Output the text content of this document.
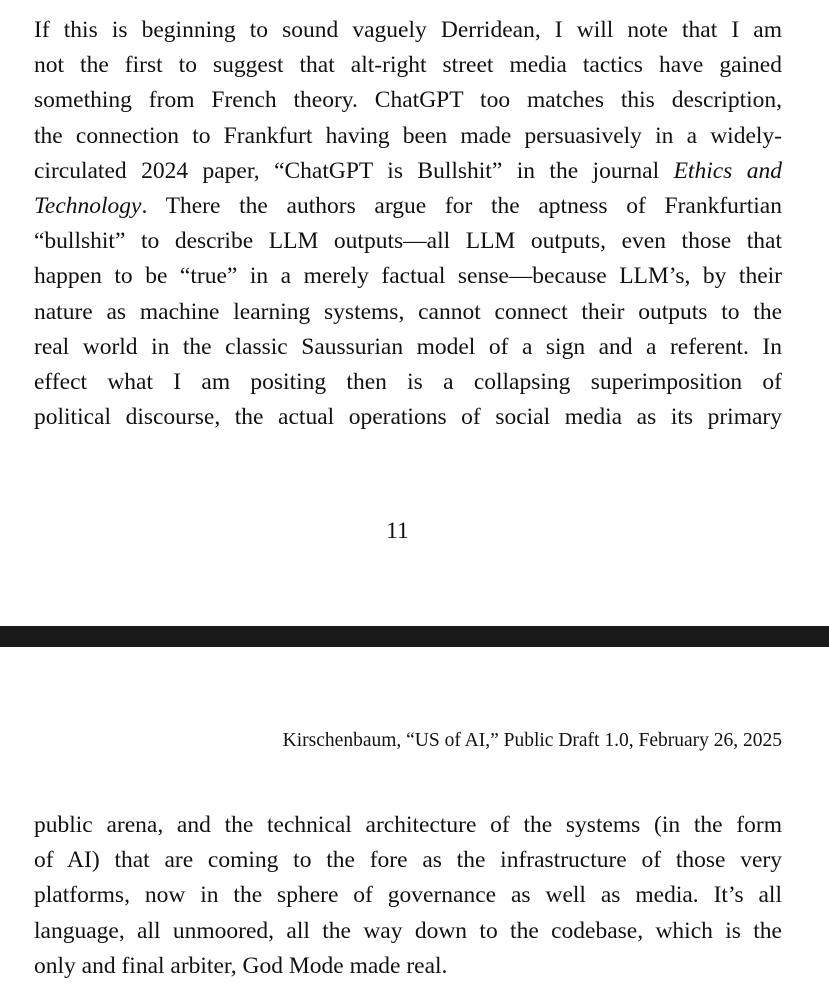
If this is beginning to sound vaguely Derridean, I will note that I am
not the first to suggest that alt-right street media tactics have gained
something from French theory. ChatGPT too matches this description,
the connection to Frankfurt having been made persuasively in a widely-
circulated 2024 paper, “ChatGPT is Bullshit” in the journal Ethics and
Technology. There the authors argue for the aptness of Frankfurtian
“bullshit” to describe LLM outputs—all LLM outputs, even those that
happen to be “true” in a merely factual sense—because LLM’s, by their
nature as machine learning systems, cannot connect their outputs to the
real world in the classic Saussurian model of a sign and a referent. In
effect what I am positing then is a collapsing superimposition of
political discourse, the actual operations of social media as its primary
11
Kirschenbaum, “US of AI,” Public Draft 1.0, February 26, 2025
public arena, and the technical architecture of the systems (in the form
of AI) that are coming to the fore as the infrastructure of those very
platforms, now in the sphere of governance as well as media. It’s all
language, all unmoored, all the way down to the codebase, which is the
only and final arbiter, God Mode made real.
